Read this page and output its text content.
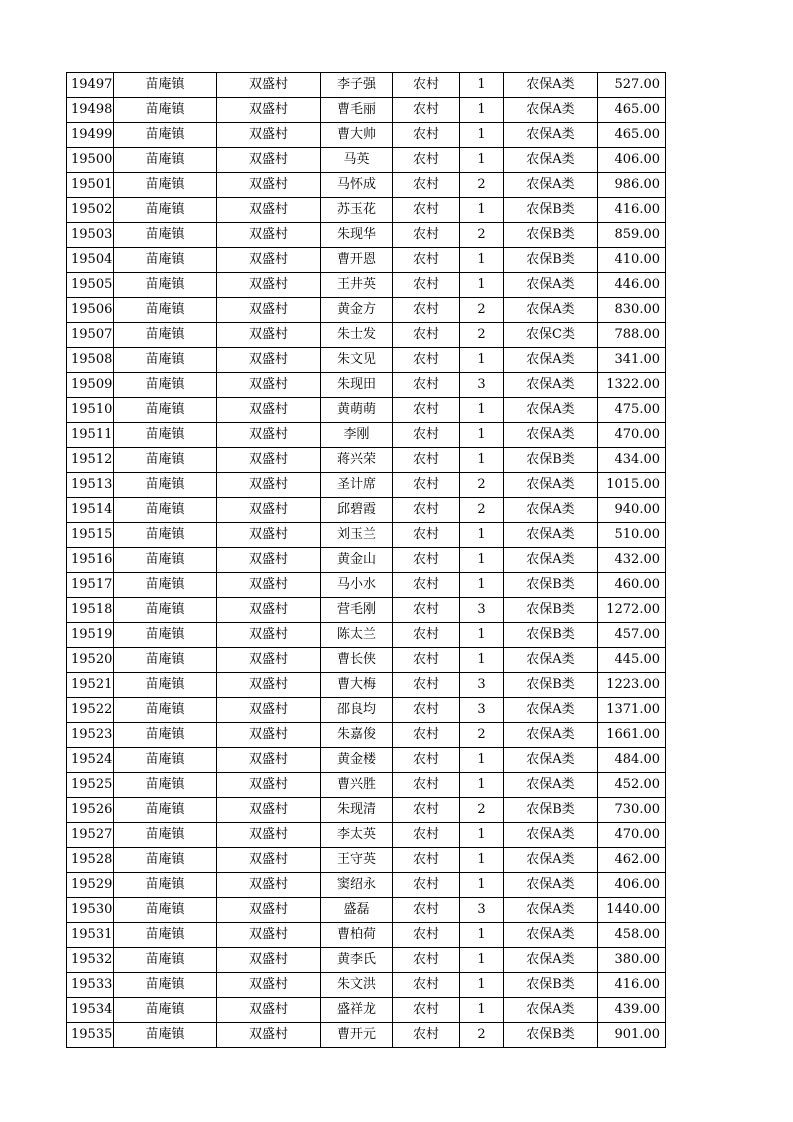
19497	苗庵镇	双盛村	李子强	农村	1	农保A类	527.00
19498	苗庵镇	双盛村	曹毛丽	农村	1	农保A类	465.00
19499	苗庵镇	双盛村	曹大帅	农村	1	农保A类	465.00
19500	苗庵镇	双盛村	马英	农村	1	农保A类	406.00
19501	苗庵镇	双盛村	马怀成	农村	2	农保A类	986.00
19502	苗庵镇	双盛村	苏玉花	农村	1	农保B类	416.00
19503	苗庵镇	双盛村	朱现华	农村	2	农保B类	859.00
19504	苗庵镇	双盛村	曹开恩	农村	1	农保B类	410.00
19505	苗庵镇	双盛村	王井英	农村	1	农保A类	446.00
19506	苗庵镇	双盛村	黄金方	农村	2	农保A类	830.00
19507	苗庵镇	双盛村	朱士发	农村	2	农保C类	788.00
19508	苗庵镇	双盛村	朱文见	农村	1	农保A类	341.00
19509	苗庵镇	双盛村	朱现田	农村	3	农保A类	1322.00
19510	苗庵镇	双盛村	黄萌萌	农村	1	农保A类	475.00
19511	苗庵镇	双盛村	李刚	农村	1	农保A类	470.00
19512	苗庵镇	双盛村	蒋兴荣	农村	1	农保B类	434.00
19513	苗庵镇	双盛村	圣计席	农村	2	农保A类	1015.00
19514	苗庵镇	双盛村	邱碧霞	农村	2	农保A类	940.00
19515	苗庵镇	双盛村	刘玉兰	农村	1	农保A类	510.00
19516	苗庵镇	双盛村	黄金山	农村	1	农保A类	432.00
19517	苗庵镇	双盛村	马小水	农村	1	农保B类	460.00
19518	苗庵镇	双盛村	营毛刚	农村	3	农保B类	1272.00
19519	苗庵镇	双盛村	陈太兰	农村	1	农保B类	457.00
19520	苗庵镇	双盛村	曹长侠	农村	1	农保A类	445.00
19521	苗庵镇	双盛村	曹大梅	农村	3	农保B类	1223.00
19522	苗庵镇	双盛村	邵良均	农村	3	农保A类	1371.00
19523	苗庵镇	双盛村	朱嘉俊	农村	2	农保A类	1661.00
19524	苗庵镇	双盛村	黄金楼	农村	1	农保A类	484.00
19525	苗庵镇	双盛村	曹兴胜	农村	1	农保A类	452.00
19526	苗庵镇	双盛村	朱现清	农村	2	农保B类	730.00
19527	苗庵镇	双盛村	李太英	农村	1	农保A类	470.00
19528	苗庵镇	双盛村	王守英	农村	1	农保A类	462.00
19529	苗庵镇	双盛村	窦绍永	农村	1	农保A类	406.00
19530	苗庵镇	双盛村	盛磊	农村	3	农保A类	1440.00
19531	苗庵镇	双盛村	曹柏荷	农村	1	农保A类	458.00
19532	苗庵镇	双盛村	黄李氏	农村	1	农保A类	380.00
19533	苗庵镇	双盛村	朱文洪	农村	1	农保B类	416.00
19534	苗庵镇	双盛村	盛祥龙	农村	1	农保A类	439.00
19535	苗庵镇	双盛村	曹开元	农村	2	农保B类	901.00
